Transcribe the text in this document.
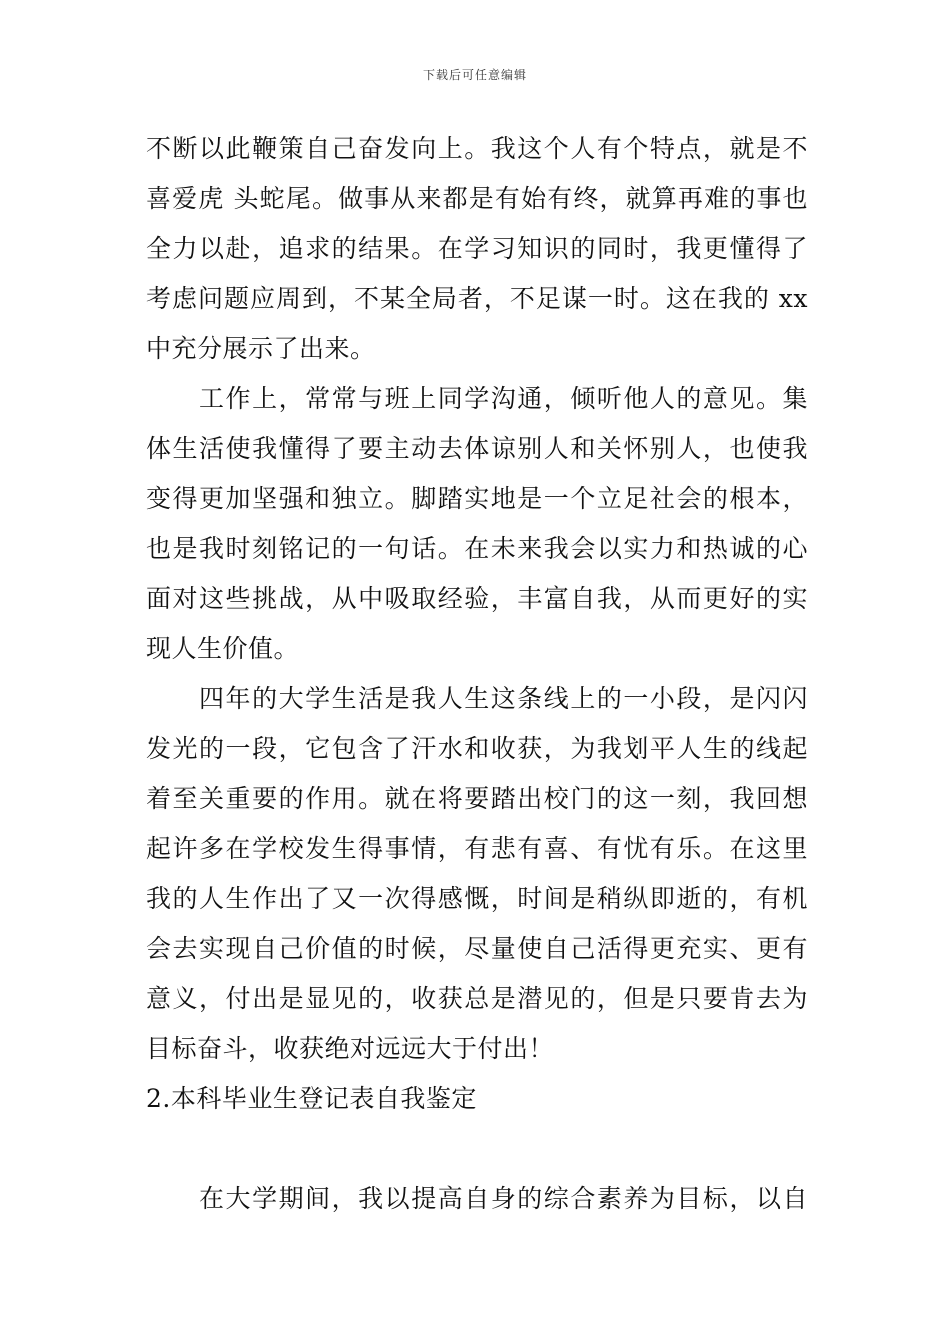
下载后可任意编辑
不断以此鞭策自己奋发向上。我这个人有个特点，就是不
喜爱虎 头蛇尾。做事从来都是有始有终，就算再难的事也
全力以赴，追求的结果。在学习知识的同时，我更懂得了
考虑问题应周到，不某全局者，不足谋一时。这在我的 xx
中充分展示了出来。
　　工作上，常常与班上同学沟通，倾听他人的意见。集
体生活使我懂得了要主动去体谅别人和关怀别人，也使我
变得更加坚强和独立。脚踏实地是一个立足社会的根本，
也是我时刻铭记的一句话。在未来我会以实力和热诚的心
面对这些挑战，从中吸取经验，丰富自我，从而更好的实
现人生价值。
　　四年的大学生活是我人生这条线上的一小段，是闪闪
发光的一段，它包含了汗水和收获，为我划平人生的线起
着至关重要的作用。就在将要踏出校门的这一刻，我回想
起许多在学校发生得事情，有悲有喜、有忧有乐。在这里
我的人生作出了又一次得感慨，时间是稍纵即逝的，有机
会去实现自己价值的时候，尽量使自己活得更充实、更有
意义，付出是显见的，收获总是潜见的，但是只要肯去为
目标奋斗，收获绝对远远大于付出！
2.本科毕业生登记表自我鉴定
　　在大学期间，我以提高自身的综合素养为目标，以自
